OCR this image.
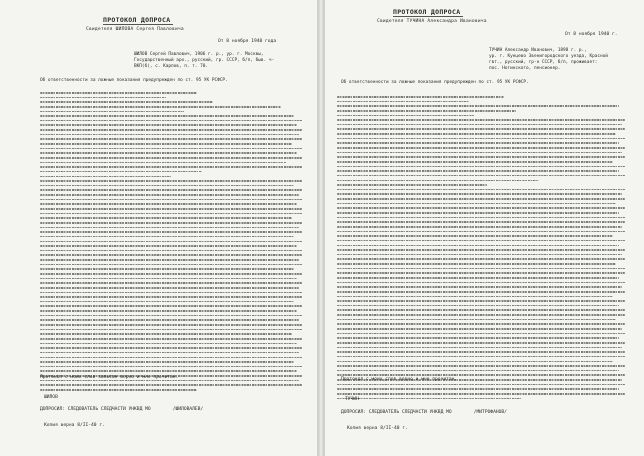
ПРОТОКОЛ ДОПРОСА
Свидетеля ШИЛОВА Сергея Павловича
От 8 ноября 1940 года
ШИЛОВ Сергей Павлович, 1906 г. р., ур. г. Москвы,
Государственный арх., русский, гр. СССР, б/п, быв. ч-
ВКП(б), с. Карпов, п. т. 70.
Об ответственности за ложные показания предупрежден по ст. 95 УК РСФСР.
Протокол с моих слов записан верно и мне прочитан.
ШИЛОВ
ДОПРОСИЛ: СЛЕДОВАТЕЛЬ СЛЕДЧАСТИ УНКВД МО        /ШИЛОВАЛЕВ/
Копия верна 8/II-40 г.
ПРОТОКОЛ ДОПРОСА
Свидетеля ТУЧИНА Александра Ивановича
От 8 ноября 1940 г.
ТУЧИН Александр Иванович, 1898 г. р.,
ур. г. Кунцево Звенигородского уезда, Красной
гвт., русский, гр-н СССР, б/п, проживает:
пос. Ногинского, пенсионер.
Об ответственности за ложные показания предупрежден по ст. 95 УК РСФСР.
Протокол с моих слов верно и мне прочитан.
ТУЧИН
ДОПРОСИЛ: СЛЕДОВАТЕЛЬ СЛЕДЧАСТИ УНКВД МО        /МИТРОФАНОВ/
Копия верна 8/II-40 г.
